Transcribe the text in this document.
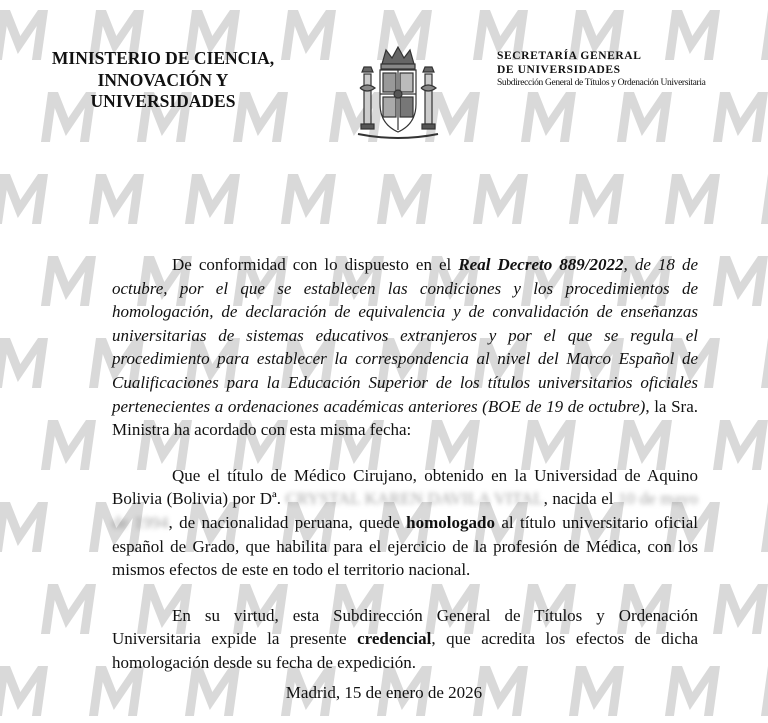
MINISTERIO DE CIENCIA,
INNOVACIÓN Y
UNIVERSIDADES
SECRETARÍA GENERAL
DE UNIVERSIDADES
Subdirección General de Títulos y Ordenación Universitaria

De conformidad con lo dispuesto en el Real Decreto 889/2022, de 18 de octubre, por el que se establecen las condiciones y los procedimientos de homologación, de declaración de equivalencia y de convalidación de enseñanzas universitarias de sistemas educativos extranjeros y por el que se regula el procedimiento para establecer la correspondencia al nivel del Marco Español de Cualificaciones para la Educación Superior de los títulos universitarios oficiales pertenecientes a ordenaciones académicas anteriores (BOE de 19 de octubre), la Sra. Ministra ha acordado con esta misma fecha:

Que el título de Médico Cirujano, obtenido en la Universidad de Aquino Bolivia (Bolivia) por Dª. CRYSTAL KAREN DAVILA VITAL, nacida el 10 de mayo de 1994, de nacionalidad peruana, quede homologado al título universitario oficial español de Grado, que habilita para el ejercicio de la profesión de Médica, con los mismos efectos de este en todo el territorio nacional.

En su virtud, esta Subdirección General de Títulos y Ordenación Universitaria expide la presente credencial, que acredita los efectos de dicha homologación desde su fecha de expedición.

Madrid, 15 de enero de 2026
